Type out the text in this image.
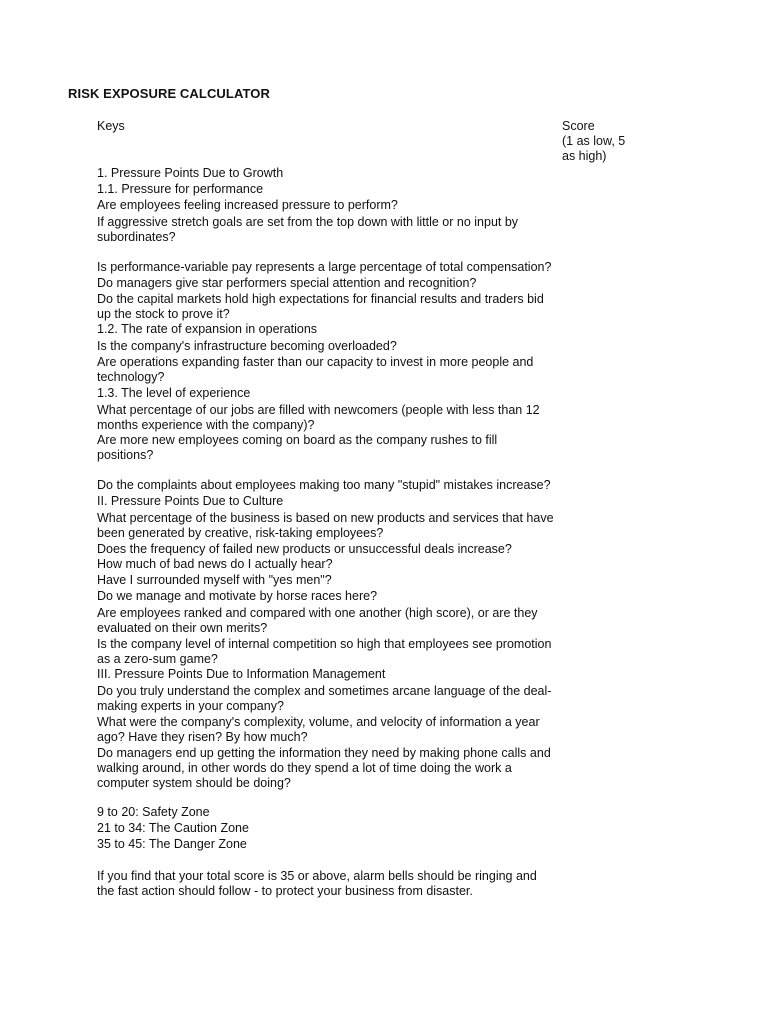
RISK EXPOSURE CALCULATOR
Keys	Score
(1 as low, 5
as high)
1. Pressure Points Due to Growth
1.1. Pressure for performance
Are employees feeling increased pressure to perform?
If aggressive stretch goals are set from the top down with little or no input by
subordinates?
Is performance-variable pay represents a large percentage of total compensation?
Do managers give star performers special attention and recognition?
Do the capital markets hold high expectations for financial results and traders bid
up the stock to prove it?
1.2. The rate of expansion in operations
Is the company's infrastructure becoming overloaded?
Are operations expanding faster than our capacity to invest in more people and
technology?
1.3. The level of experience
What percentage of our jobs are filled with newcomers (people with less than 12
months experience with the company)?
Are more new employees coming on board as the company rushes to fill
positions?
Do the complaints about employees making too many "stupid" mistakes increase?
II. Pressure Points Due to Culture
What percentage of the business is based on new products and services that have
been generated by creative, risk-taking employees?
Does the frequency of failed new products or unsuccessful deals increase?
How much of bad news do I actually hear?
Have I surrounded myself with "yes men"?
Do we manage and motivate by horse races here?
Are employees ranked and compared with one another (high score), or are they
evaluated on their own merits?
Is the company level of internal competition so high that employees see promotion
as a zero-sum game?
III. Pressure Points Due to Information Management
Do you truly understand the complex and sometimes arcane language of the deal-
making experts in your company?
What were the company's complexity, volume, and velocity of information a year
ago? Have they risen? By how much?
Do managers end up getting the information they need by making phone calls and
walking around, in other words do they spend a lot of time doing the work a
computer system should be doing?
9 to 20: Safety Zone
21 to 34: The Caution Zone
35 to 45: The Danger Zone
If you find that your total score is 35 or above, alarm bells should be ringing and
the fast action should follow - to protect your business from disaster.
